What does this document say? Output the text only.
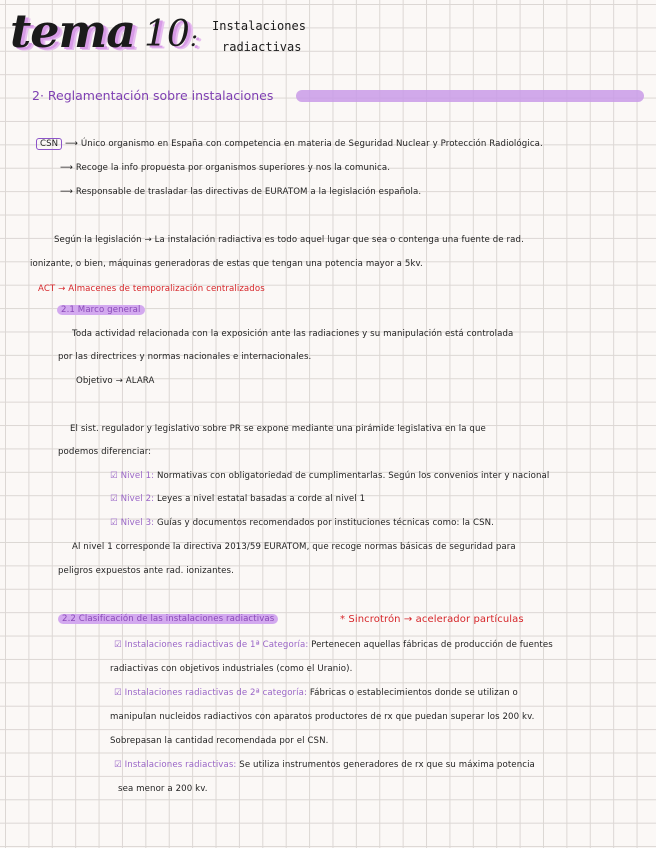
tema 10: Instalaciones
radiactivas
2· Reglamentación sobre instalaciones
CSN ⟶ Único organismo en España con competencia en materia de Seguridad Nuclear y Protección Radiológica.
⟶ Recoge la info propuesta por organismos superiores y nos la comunica.
⟶ Responsable de trasladar las directivas de EURATOM a la legislación española.
Según la legislación → La instalación radiactiva es todo aquel lugar que sea o contenga una fuente de rad.
ionizante, o bien, máquinas generadoras de estas que tengan una potencia mayor a 5kv.
ACT → Almacenes de temporalización centralizados
2.1 Marco general
Toda actividad relacionada con la exposición ante las radiaciones y su manipulación está controlada
por las directrices y normas nacionales e internacionales.
Objetivo → ALARA
El sist. regulador y legislativo sobre PR se expone mediante una pirámide legislativa en la que
podemos diferenciar:
☑ Nivel 1: Normativas con obligatoriedad de cumplimentarlas. Según los convenios inter y nacional
☑ Nivel 2: Leyes a nivel estatal basadas a corde al nivel 1
☑ Nivel 3: Guías y documentos recomendados por instituciones técnicas como: la CSN.
Al nivel 1 corresponde la directiva 2013/59 EURATOM, que recoge normas básicas de seguridad para
peligros expuestos ante rad. ionizantes.
2.2 Clasificación de las instalaciones radiactivas	* Sincrotrón → acelerador partículas
☑ Instalaciones radiactivas de 1ª Categoría: Pertenecen aquellas fábricas de producción de fuentes
radiactivas con objetivos industriales (como el Uranio).
☑ Instalaciones radiactivas de 2ª categoría: Fábricas o establecimientos donde se utilizan o
manipulan nucleidos radiactivos con aparatos productores de rx que puedan superar los 200 kv.
Sobrepasan la cantidad recomendada por el CSN.
☑ Instalaciones radiactivas: Se utiliza instrumentos generadores de rx que su máxima potencia
sea menor a 200 kv.
